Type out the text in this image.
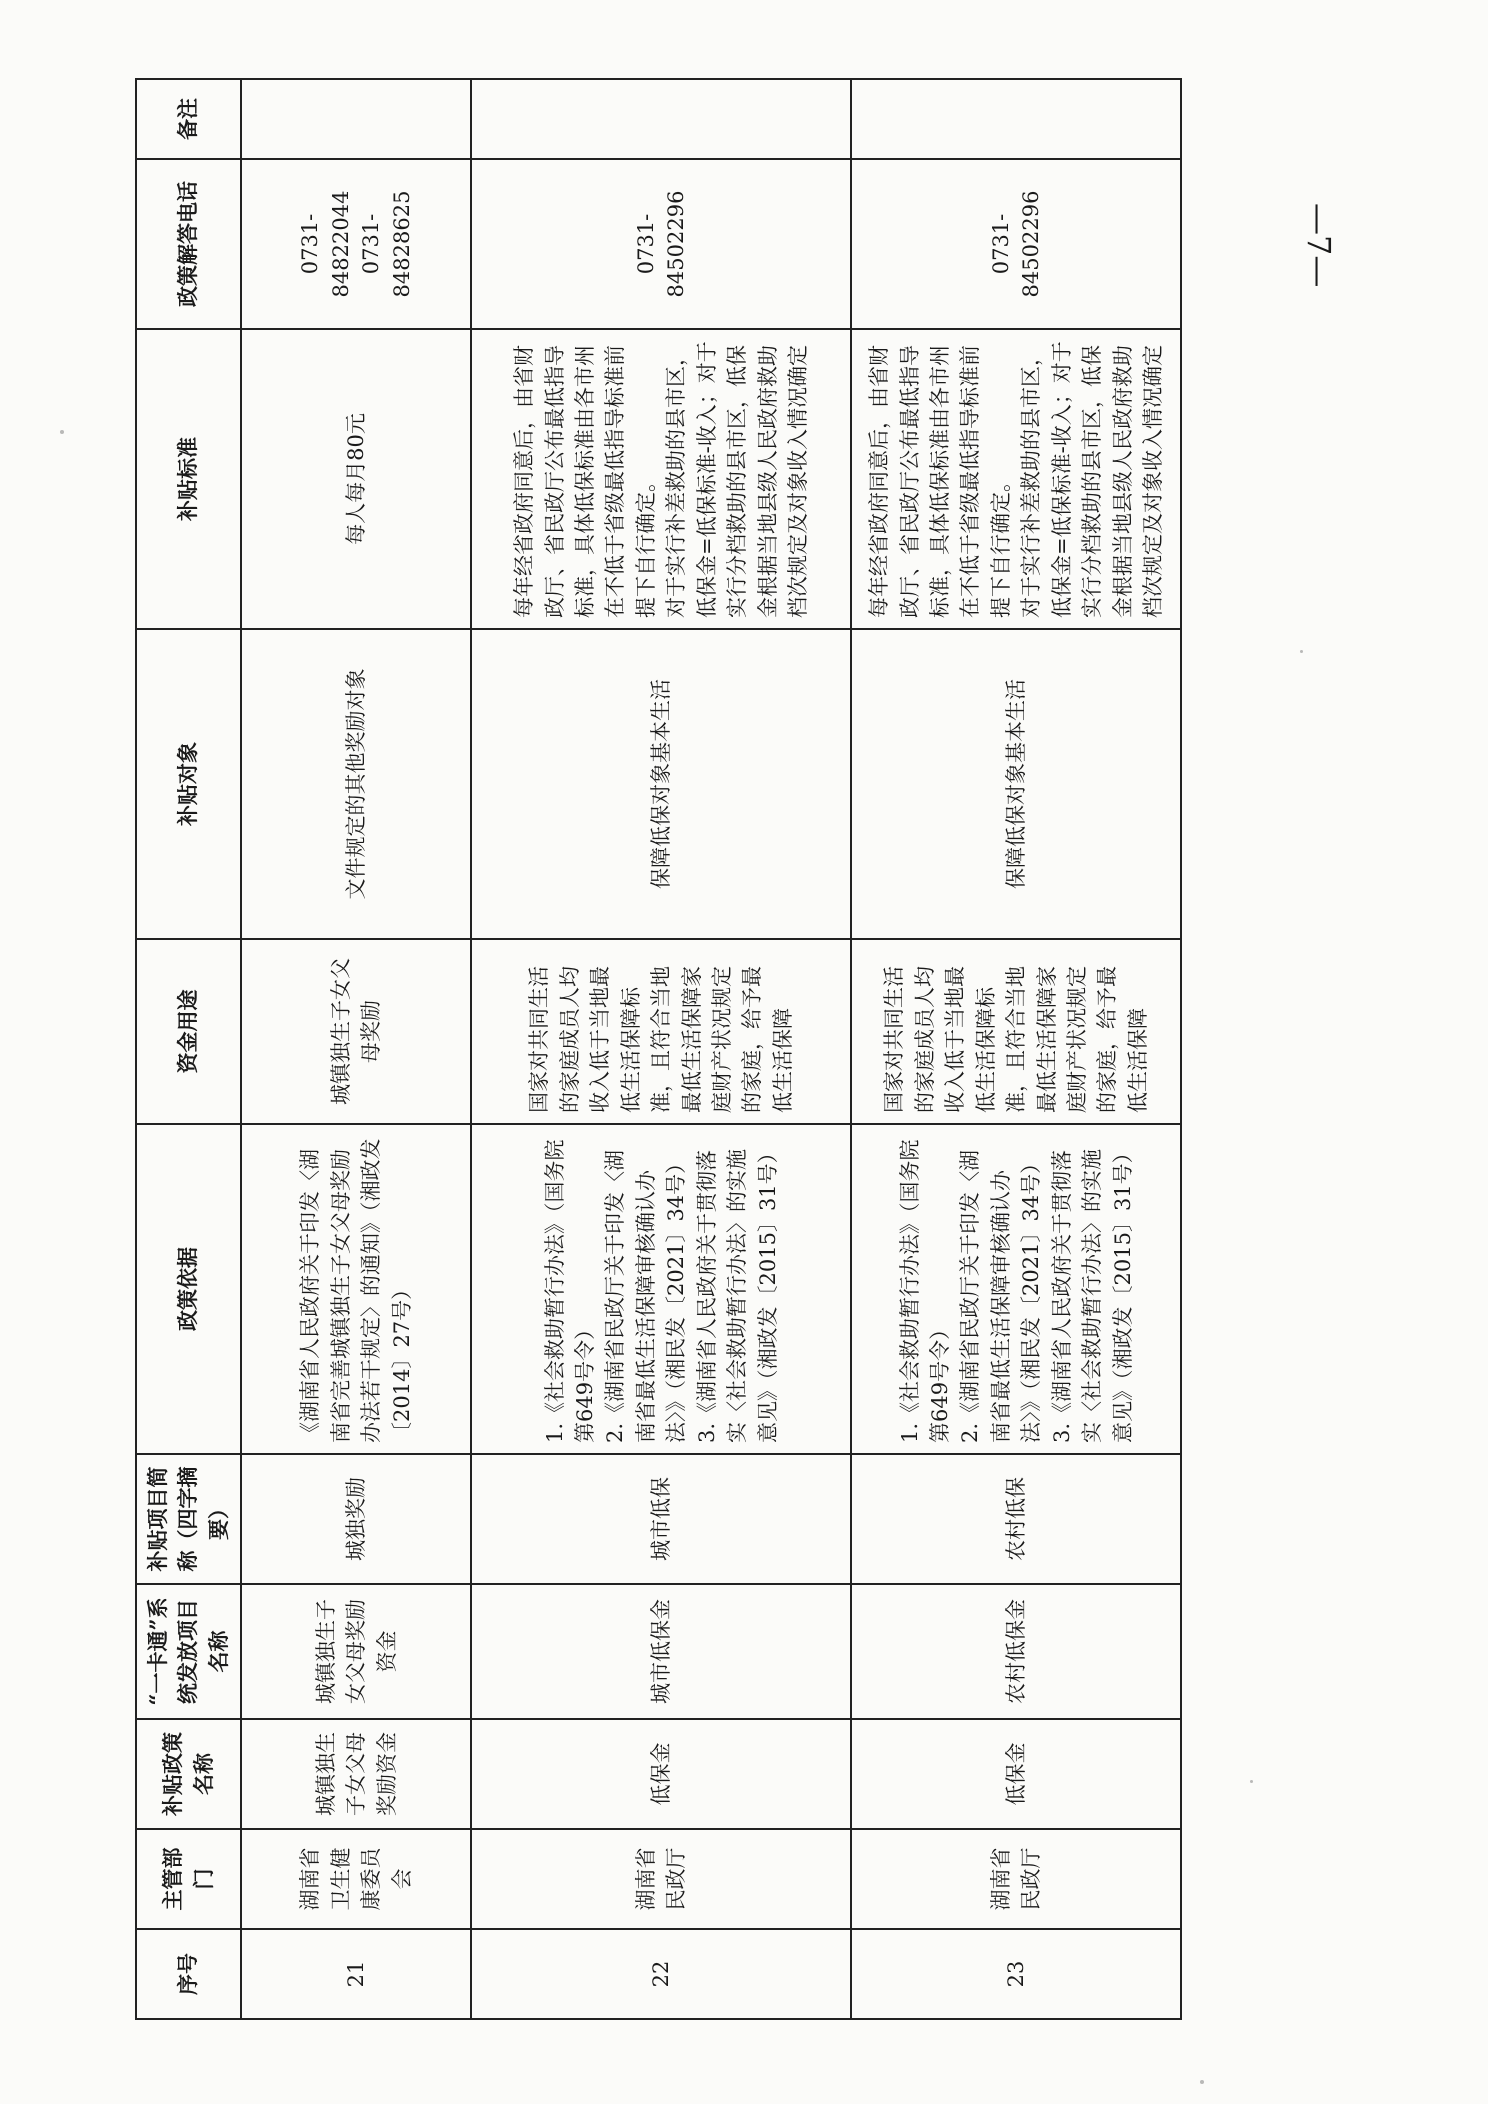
—7—
序号	主管部门	补贴政策名称	“一卡通”系统发放项目名称	补贴项目简称（四字摘要）	政策依据	资金用途	补贴对象	补贴标准	政策解答电话	备注
21	湖南省卫生健康委员会	城镇独生子女父母奖励资金	城镇独生子女父母奖励资金	城独奖励	《湖南省人民政府关于印发〈湖南省完善城镇独生子女父母奖励办法若干规定〉的通知》（湘政发〔2014〕27号）	城镇独生子女父母奖励	文件规定的其他奖励对象	每人每月80元	0731-84822044
0731-84828625	
22	湖南省民政厅	低保金	城市低保金	城市低保	1.《社会救助暂行办法》（国务院第649号令）
2.《湖南省民政厅关于印发〈湖南省最低生活保障审核确认办法〉》（湘民发〔2021〕34号）
3.《湖南省人民政府关于贯彻落实〈社会救助暂行办法〉的实施意见》（湘政发〔2015〕31号）	国家对共同生活的家庭成员人均收入低于当地最低生活保障标准，且符合当地最低生活保障家庭财产状况规定的家庭，给予最低生活保障	保障低保对象基本生活	每年经省政府同意后，由省财政厅、省民政厅公布最低指导标准，具体低保标准由各市州在不低于省级最低指导标准前提下自行确定。
对于实行补差救助的县市区，低保金=低保标准-收入；对于实行分档救助的县市区，低保金根据当地县级人民政府救助档次规定及对象收入情况确定	0731-84502296	
23	湖南省民政厅	低保金	农村低保金	农村低保	1.《社会救助暂行办法》（国务院第649号令）
2.《湖南省民政厅关于印发〈湖南省最低生活保障审核确认办法〉》（湘民发〔2021〕34号）
3.《湖南省人民政府关于贯彻落实〈社会救助暂行办法〉的实施意见》（湘政发〔2015〕31号）	国家对共同生活的家庭成员人均收入低于当地最低生活保障标准，且符合当地最低生活保障家庭财产状况规定的家庭，给予最低生活保障	保障低保对象基本生活	每年经省政府同意后，由省财政厅、省民政厅公布最低指导标准，具体低保标准由各市州在不低于省级最低指导标准前提下自行确定。
对于实行补差救助的县市区，低保金=低保标准-收入；对于实行分档救助的县市区，低保金根据当地县级人民政府救助档次规定及对象收入情况确定	0731-84502296	
